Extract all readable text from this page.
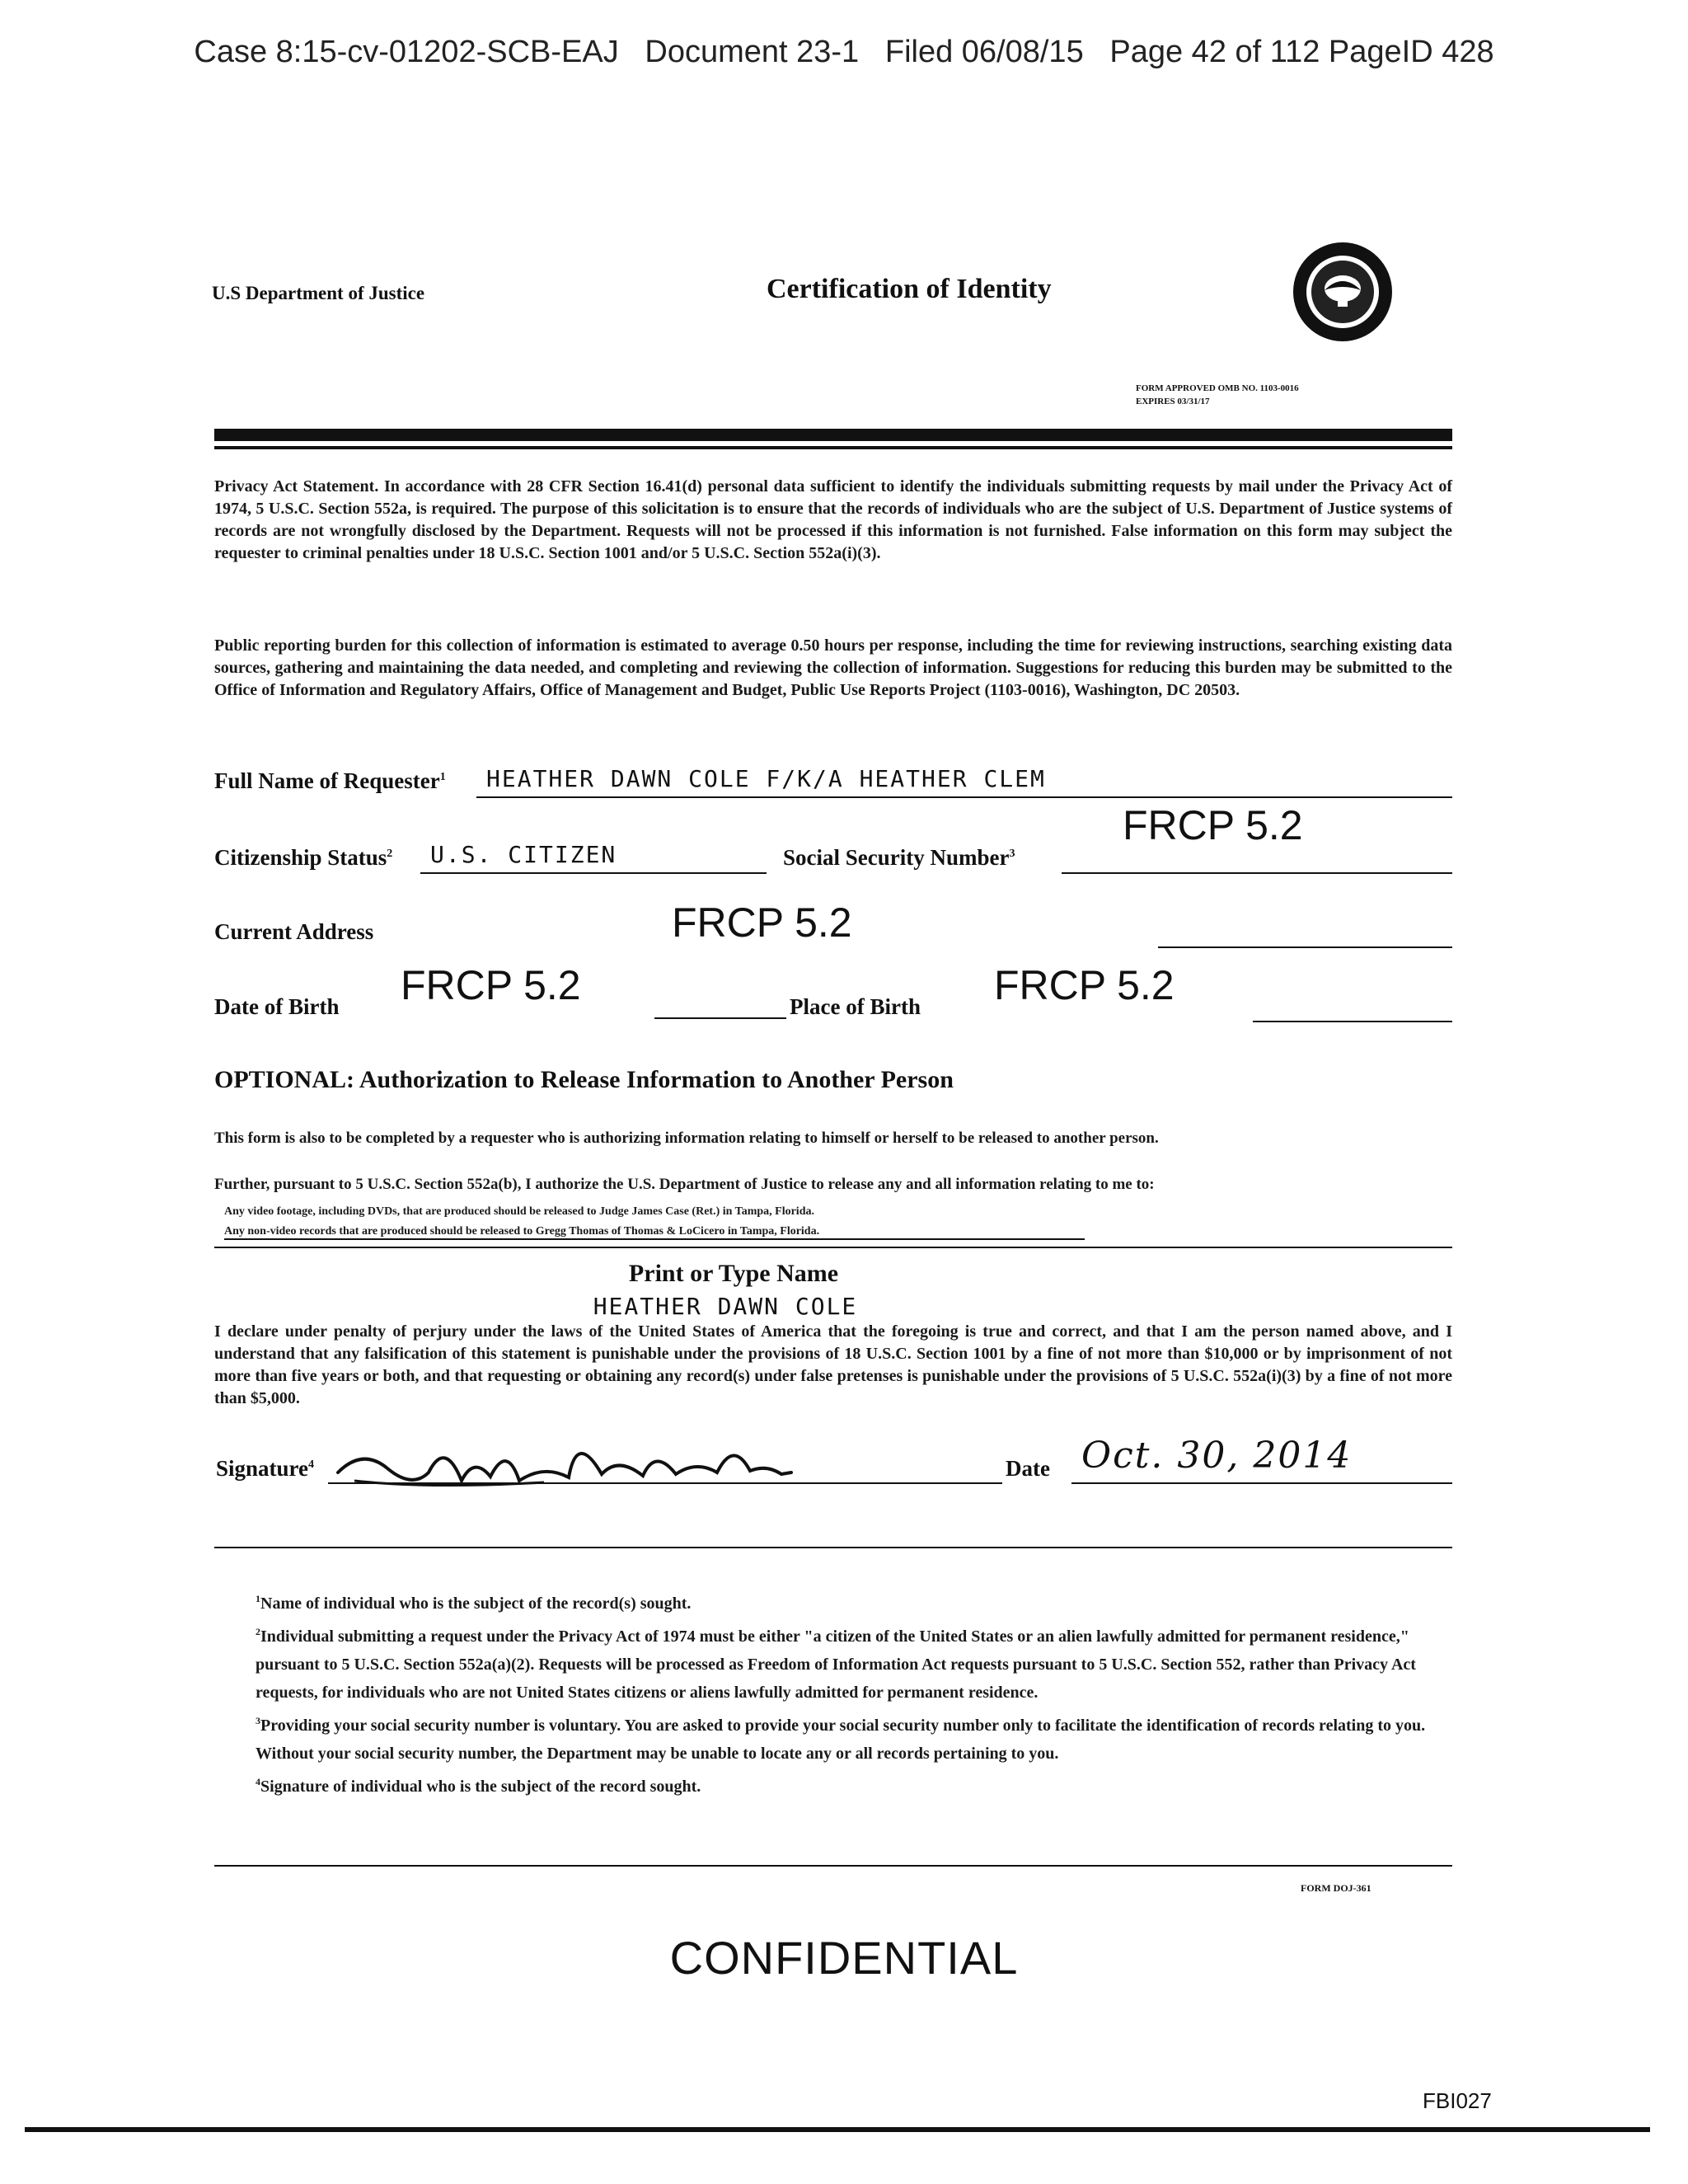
Case 8:15-cv-01202-SCB-EAJ   Document 23-1   Filed 06/08/15   Page 42 of 112 PageID 428
U.S Department of Justice	Certification of Identity
FORM APPROVED OMB NO. 1103-0016
EXPIRES 03/31/17
Privacy Act Statement. In accordance with 28 CFR Section 16.41(d) personal data sufficient to identify the individuals submitting requests by mail under the Privacy Act of 1974, 5 U.S.C. Section 552a, is required. The purpose of this solicitation is to ensure that the records of individuals who are the subject of U.S. Department of Justice systems of records are not wrongfully disclosed by the Department. Requests will not be processed if this information is not furnished. False information on this form may subject the requester to criminal penalties under 18 U.S.C. Section 1001 and/or 5 U.S.C. Section 552a(i)(3).
Public reporting burden for this collection of information is estimated to average 0.50 hours per response, including the time for reviewing instructions, searching existing data sources, gathering and maintaining the data needed, and completing and reviewing the collection of information. Suggestions for reducing this burden may be submitted to the Office of Information and Regulatory Affairs, Office of Management and Budget, Public Use Reports Project (1103-0016), Washington, DC 20503.
Full Name of Requester$^1$ HEATHER DAWN COLE F/K/A HEATHER CLEM
Citizenship Status$^2$ U.S. CITIZEN	Social Security Number$^3$
FRCP 5.2
Current Address	FRCP 5.2
Date of Birth FRCP 5.2	Place of Birth FRCP 5.2
OPTIONAL: Authorization to Release Information to Another Person
This form is also to be completed by a requester who is authorizing information relating to himself or herself to be released to another person.
Further, pursuant to 5 U.S.C. Section 552a(b), I authorize the U.S. Department of Justice to release any and all information relating to me to:
Any video footage, including DVDs, that are produced should be released to Judge James Case (Ret.) in Tampa, Florida.
Any non-video records that are produced should be released to Gregg Thomas of Thomas & LoCicero in Tampa, Florida.
Print or Type Name
HEATHER DAWN COLE
I declare under penalty of perjury under the laws of the United States of America that the foregoing is true and correct, and that I am the person named above, and I understand that any falsification of this statement is punishable under the provisions of 18 U.S.C. Section 1001 by a fine of not more than $10,000 or by imprisonment of not more than five years or both, and that requesting or obtaining any record(s) under false pretenses is punishable under the provisions of 5 U.S.C. 552a(i)(3) by a fine of not more than $5,000.
Signature$^4$	Date Oct. 30, 2014
$^1$Name of individual who is the subject of the record(s) sought.
$^2$Individual submitting a request under the Privacy Act of 1974 must be either "a citizen of the United States or an alien lawfully admitted for permanent residence," pursuant to 5 U.S.C. Section 552a(a)(2). Requests will be processed as Freedom of Information Act requests pursuant to 5 U.S.C. Section 552, rather than Privacy Act requests, for individuals who are not United States citizens or aliens lawfully admitted for permanent residence.
$^3$Providing your social security number is voluntary. You are asked to provide your social security number only to facilitate the identification of records relating to you. Without your social security number, the Department may be unable to locate any or all records pertaining to you.
$^4$Signature of individual who is the subject of the record sought.
FORM DOJ-361
CONFIDENTIAL
FBI027
